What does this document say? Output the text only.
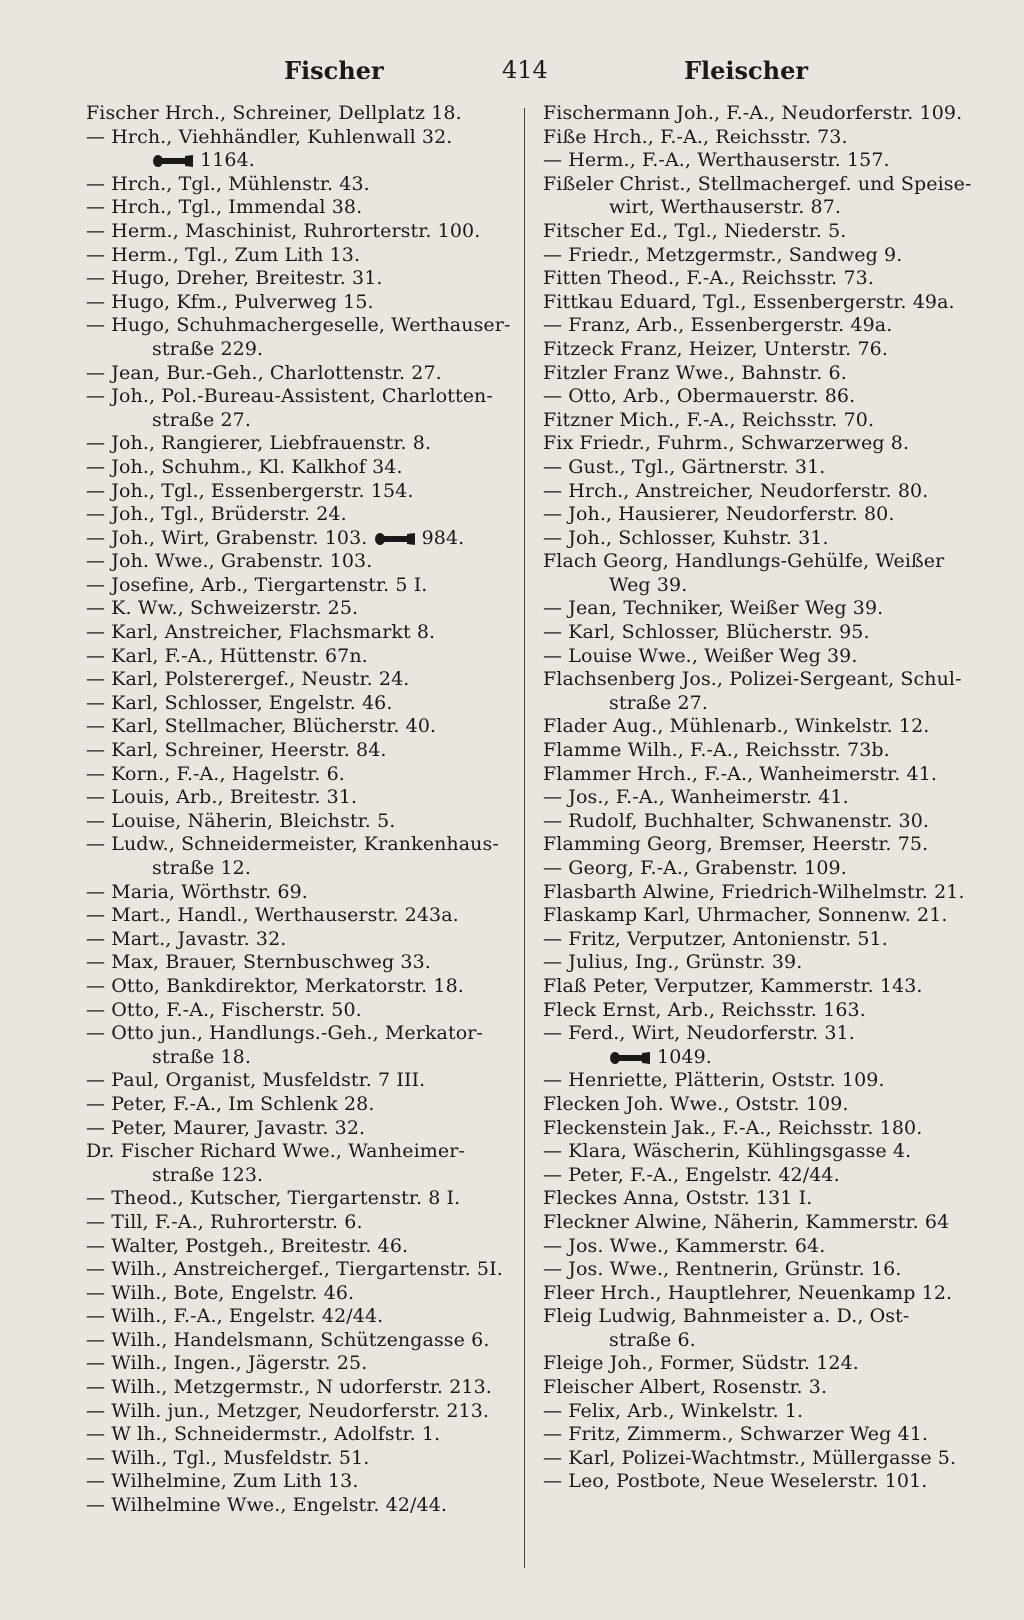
Fischer	414	Fleischer
Fischer Hrch., Schreiner, Dellplatz 18.
— Hrch., Viehhändler, Kuhlenwall 32.
1164.
— Hrch., Tgl., Mühlenstr. 43.
— Hrch., Tgl., Immendal 38.
— Herm., Maschinist, Ruhrorterstr. 100.
— Herm., Tgl., Zum Lith 13.
— Hugo, Dreher, Breitestr. 31.
— Hugo, Kfm., Pulverweg 15.
— Hugo, Schuhmachergeselle, Werthauser-
straße 229.
— Jean, Bur.-Geh., Charlottenstr. 27.
— Joh., Pol.-Bureau-Assistent, Charlotten-
straße 27.
— Joh., Rangierer, Liebfrauenstr. 8.
— Joh., Schuhm., Kl. Kalkhof 34.
— Joh., Tgl., Essenbergerstr. 154.
— Joh., Tgl., Brüderstr. 24.
— Joh., Wirt, Grabenstr. 103.	984.
— Joh. Wwe., Grabenstr. 103.
— Josefine, Arb., Tiergartenstr. 5 I.
— K. Ww., Schweizerstr. 25.
— Karl, Anstreicher, Flachsmarkt 8.
— Karl, F.-A., Hüttenstr. 67n.
— Karl, Polsterergef., Neustr. 24.
— Karl, Schlosser, Engelstr. 46.
— Karl, Stellmacher, Blücherstr. 40.
— Karl, Schreiner, Heerstr. 84.
— Korn., F.-A., Hagelstr. 6.
— Louis, Arb., Breitestr. 31.
— Louise, Näherin, Bleichstr. 5.
— Ludw., Schneidermeister, Krankenhaus-
straße 12.
— Maria, Wörthstr. 69.
— Mart., Handl., Werthauserstr. 243a.
— Mart., Javastr. 32.
— Max, Brauer, Sternbuschweg 33.
— Otto, Bankdirektor, Merkatorstr. 18.
— Otto, F.-A., Fischerstr. 50.
— Otto jun., Handlungs.-Geh., Merkator-
straße 18.
— Paul, Organist, Musfeldstr. 7 III.
— Peter, F.-A., Im Schlenk 28.
— Peter, Maurer, Javastr. 32.
Dr. Fischer Richard Wwe., Wanheimer-
straße 123.
— Theod., Kutscher, Tiergartenstr. 8 I.
— Till, F.-A., Ruhrorterstr. 6.
— Walter, Postgeh., Breitestr. 46.
— Wilh., Anstreichergef., Tiergartenstr. 5I.
— Wilh., Bote, Engelstr. 46.
— Wilh., F.-A., Engelstr. 42/44.
— Wilh., Handelsmann, Schützengasse 6.
— Wilh., Ingen., Jägerstr. 25.
— Wilh., Metzgermstr., N udorferstr. 213.
— Wilh. jun., Metzger, Neudorferstr. 213.
— W lh., Schneidermstr., Adolfstr. 1.
— Wilh., Tgl., Musfeldstr. 51.
— Wilhelmine, Zum Lith 13.
— Wilhelmine Wwe., Engelstr. 42/44.
Fischermann Joh., F.-A., Neudorferstr. 109.
Fiße Hrch., F.-A., Reichsstr. 73.
— Herm., F.-A., Werthauserstr. 157.
Fißeler Christ., Stellmachergef. und Speise-
wirt, Werthauserstr. 87.
Fitscher Ed., Tgl., Niederstr. 5.
— Friedr., Metzgermstr., Sandweg 9.
Fitten Theod., F.-A., Reichsstr. 73.
Fittkau Eduard, Tgl., Essenbergerstr. 49a.
— Franz, Arb., Essenbergerstr. 49a.
Fitzeck Franz, Heizer, Unterstr. 76.
Fitzler Franz Wwe., Bahnstr. 6.
— Otto, Arb., Obermauerstr. 86.
Fitzner Mich., F.-A., Reichsstr. 70.
Fix Friedr., Fuhrm., Schwarzerweg 8.
— Gust., Tgl., Gärtnerstr. 31.
— Hrch., Anstreicher, Neudorferstr. 80.
— Joh., Hausierer, Neudorferstr. 80.
— Joh., Schlosser, Kuhstr. 31.
Flach Georg, Handlungs-Gehülfe, Weißer
Weg 39.
— Jean, Techniker, Weißer Weg 39.
— Karl, Schlosser, Blücherstr. 95.
— Louise Wwe., Weißer Weg 39.
Flachsenberg Jos., Polizei-Sergeant, Schul-
straße 27.
Flader Aug., Mühlenarb., Winkelstr. 12.
Flamme Wilh., F.-A., Reichsstr. 73b.
Flammer Hrch., F.-A., Wanheimerstr. 41.
— Jos., F.-A., Wanheimerstr. 41.
— Rudolf, Buchhalter, Schwanenstr. 30.
Flamming Georg, Bremser, Heerstr. 75.
— Georg, F.-A., Grabenstr. 109.
Flasbarth Alwine, Friedrich-Wilhelmstr. 21.
Flaskamp Karl, Uhrmacher, Sonnenw. 21.
— Fritz, Verputzer, Antonienstr. 51.
— Julius, Ing., Grünstr. 39.
Flaß Peter, Verputzer, Kammerstr. 143.
Fleck Ernst, Arb., Reichsstr. 163.
— Ferd., Wirt, Neudorferstr. 31.
1049.
— Henriette, Plätterin, Oststr. 109.
Flecken Joh. Wwe., Oststr. 109.
Fleckenstein Jak., F.-A., Reichsstr. 180.
— Klara, Wäscherin, Kühlingsgasse 4.
— Peter, F.-A., Engelstr. 42/44.
Fleckes Anna, Oststr. 131 I.
Fleckner Alwine, Näherin, Kammerstr. 64
— Jos. Wwe., Kammerstr. 64.
— Jos. Wwe., Rentnerin, Grünstr. 16.
Fleer Hrch., Hauptlehrer, Neuenkamp 12.
Fleig Ludwig, Bahnmeister a. D., Ost-
straße 6.
Fleige Joh., Former, Südstr. 124.
Fleischer Albert, Rosenstr. 3.
— Felix, Arb., Winkelstr. 1.
— Fritz, Zimmerm., Schwarzer Weg 41.
— Karl, Polizei-Wachtmstr., Müllergasse 5.
— Leo, Postbote, Neue Weselerstr. 101.
